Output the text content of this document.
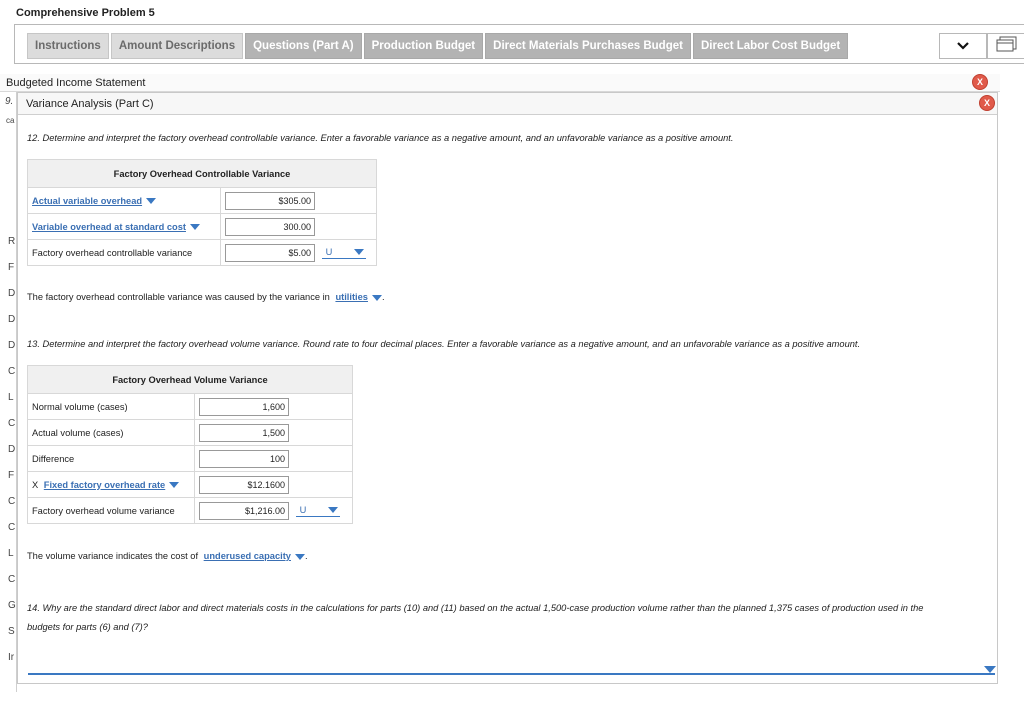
Comprehensive Problem 5
Instructions	Amount Descriptions	Questions (Part A)	Production Budget	Direct Materials Purchases Budget	Direct Labor Cost Budget
Budgeted Income Statement	X
9.
ca
R
F
D
D
D
C
L
C
D
F
C
C
L
C
G
S
Ir
Variance Analysis (Part C)	X
12. Determine and interpret the factory overhead controllable variance. Enter a favorable variance as a negative amount, and an unfavorable variance as a positive amount.
Factory Overhead Controllable Variance	
Actual variable overhead	$305.00

Variable overhead at standard cost	300.00

Factory overhead controllable variance	$5.00 U
The factory overhead controllable variance was caused by the variance in utilities .
13. Determine and interpret the factory overhead volume variance. Round rate to four decimal places. Enter a favorable variance as a negative amount, and an unfavorable variance as a positive amount.
Factory Overhead Volume Variance	
Normal volume (cases)	1,600

Actual volume (cases)	1,500

Difference	100

X Fixed factory overhead rate	$12.1600

Factory overhead volume variance	$1,216.00 U
The volume variance indicates the cost of underused capacity .
14. Why are the standard direct labor and direct materials costs in the calculations for parts (10) and (11) based on the actual 1,500-case production volume rather than the planned 1,375 cases of production used in the
budgets for parts (6) and (7)?
